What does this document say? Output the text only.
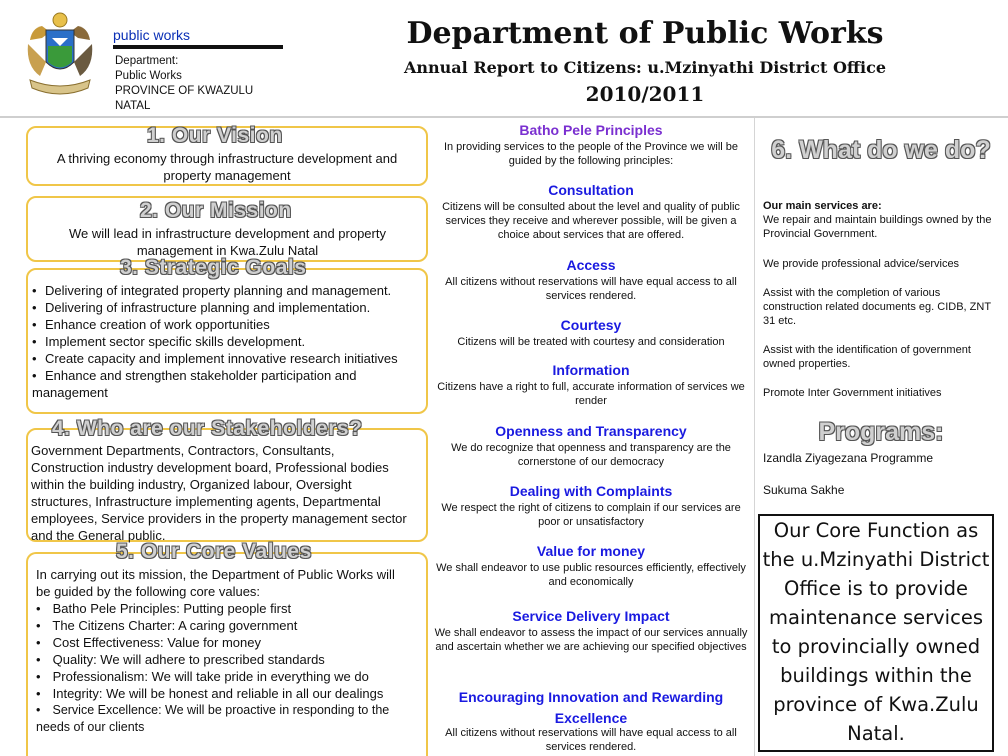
public works
Department:
Public Works
PROVINCE OF KWAZULU
NATAL
Department of Public Works
Annual Report to Citizens: u.Mzinyathi District Office
2010/2011
1. Our Vision
A thriving economy through infrastructure development and property management
2. Our Mission
We will lead in infrastructure development and property management in Kwa.Zulu Natal
3. Strategic Goals
• Delivering of integrated property planning and management.
• Delivering of infrastructure planning and implementation.
• Enhance creation of work opportunities
• Implement sector specific skills development.
• Create capacity and implement innovative research initiatives
• Enhance and strengthen stakeholder participation and management
4. Who are our Stakeholders?
Government Departments, Contractors, Consultants, Construction industry development board, Professional bodies within the building industry, Organized labour, Oversight structures, Infrastructure implementing agents, Departmental employees, Service providers in the property management sector and the General public.
5. Our Core Values
In carrying out its mission, the Department of Public Works will be guided by the following core values:
• Batho Pele Principles: Putting people first
• The Citizens Charter: A caring government
• Cost Effectiveness: Value for money
• Quality: We will adhere to prescribed standards
• Professionalism: We will take pride in everything we do
• Integrity: We will be honest and reliable in all our dealings
• Service Excellence: We will be proactive in responding to the needs of our clients
Batho Pele Principles
In providing services to the people of the Province we will be guided by the following principles:
Consultation
Citizens will be consulted about the level and quality of public services they receive and wherever possible, will be given a choice about services that are offered.
Access
All citizens without reservations will have equal access to all services rendered.
Courtesy
Citizens will be treated with courtesy and consideration
Information
Citizens have a right to full, accurate information of services we render
Openness and Transparency
We do recognize that openness and transparency are the cornerstone of our democracy
Dealing with Complaints
We respect the right of citizens to complain if our services are poor or unsatisfactory
Value for money
We shall endeavor to use public resources efficiently, effectively and economically
Service Delivery Impact
We shall endeavor to assess the impact of our services annually and ascertain whether we are achieving our specified objectives
Encouraging Innovation and Rewarding Excellence
All citizens without reservations will have equal access to all services rendered.
6. What do we do?
Our main services are:
We repair and maintain buildings owned by the Provincial Government.
We provide professional advice/services
Assist with the completion of various construction related documents eg. CIDB, ZNT 31 etc.
Assist with the identification of government owned properties.
Promote Inter Government initiatives
Programs:
Izandla Ziyagezana Programme
Sukuma Sakhe
Our Core Function as the u.Mzinyathi District Office is to provide maintenance services to provincially owned buildings within the province of Kwa.Zulu Natal.
